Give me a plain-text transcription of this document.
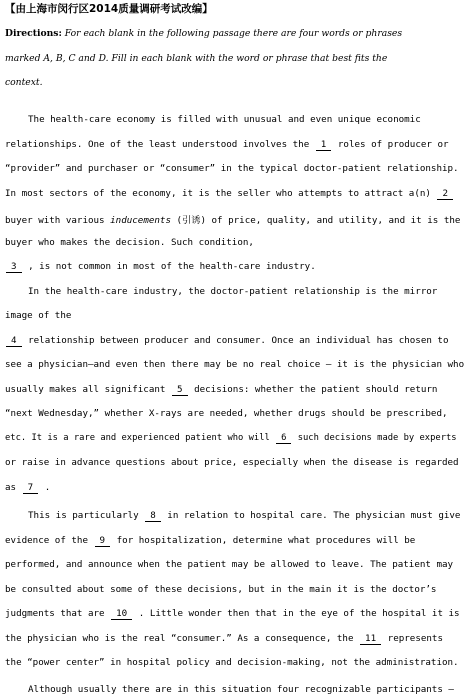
【由上海市闵行区2014质量调研考试改编】
Directions: For each blank in the following passage there are four words or phrases
marked A, B, C and D. Fill in each blank with the word or phrase that best fits the
context.
The health-care economy is filled with unusual and even unique economic
relationships. One of the least understood involves the 1 roles of producer or
“provider” and purchaser or “consumer” in the typical doctor-patient relationship.
In most sectors of the economy, it is the seller who attempts to attract a(n) 2
buyer with various inducements (引诱) of price, quality, and utility, and it is the
buyer who makes the decision. Such condition,
3 , is not common in most of the health-care industry.
In the health-care industry, the doctor-patient relationship is the mirror
image of the
4 relationship between producer and consumer. Once an individual has chosen to
see a physician—and even then there may be no real choice – it is the physician who
usually makes all significant 5 decisions: whether the patient should return
“next Wednesday,” whether X-rays are needed, whether drugs should be prescribed,
etc. It is a rare and experienced patient who will 6 such decisions made by experts
or raise in advance questions about price, especially when the disease is regarded
as 7 .
This is particularly 8 in relation to hospital care. The physician must give
evidence of the 9 for hospitalization, determine what procedures will be
performed, and announce when the patient may be allowed to leave. The patient may
be consulted about some of these decisions, but in the main it is the doctor’s
judgments that are 10 . Little wonder then that in the eye of the hospital it is
the physician who is the real “consumer.” As a consequence, the 11 represents
the “power center” in hospital policy and decision-making, not the administration.
Although usually there are in this situation four recognizable participants —
